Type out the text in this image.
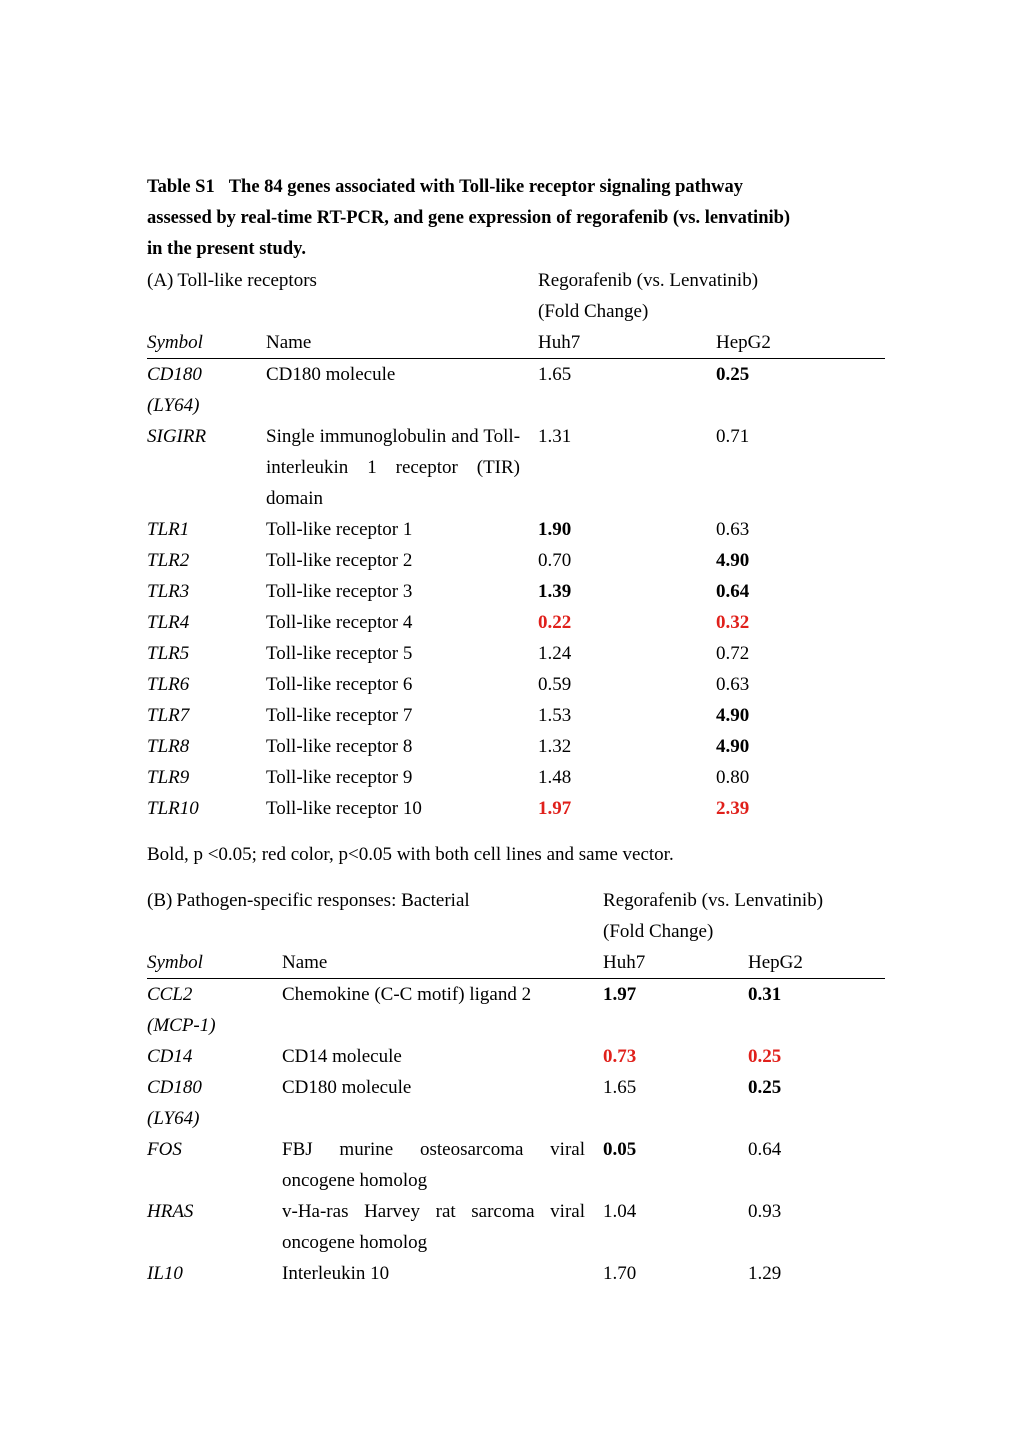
Table S1 The 84 genes associated with Toll-like receptor signaling pathway
assessed by real-time RT-PCR, and gene expression of regorafenib (vs. lenvatinib)
in the present study.
(A) Toll-like receptors		Regorafenib (vs. Lenvatinib)	
		(Fold Change)	
Symbol	Name	Huh7	HepG2

CD180
(LY64)	CD180 molecule	1.65	0.25

SIGIRR	Single immunoglobulin and Toll-interleukin 1 receptor (TIR) domain	1.31	0.71

TLR1	Toll-like receptor 1	1.90	0.63

TLR2	Toll-like receptor 2	0.70	4.90

TLR3	Toll-like receptor 3	1.39	0.64

TLR4	Toll-like receptor 4	0.22	0.32

TLR5	Toll-like receptor 5	1.24	0.72

TLR6	Toll-like receptor 6	0.59	0.63

TLR7	Toll-like receptor 7	1.53	4.90

TLR8	Toll-like receptor 8	1.32	4.90

TLR9	Toll-like receptor 9	1.48	0.80

TLR10	Toll-like receptor 10	1.97	2.39
Bold, p <0.05; red color, p<0.05 with both cell lines and same vector.
(B) Pathogen-specific responses: Bacterial		Regorafenib (vs. Lenvatinib)	
		(Fold Change)	
Symbol	Name	Huh7	HepG2

CCL2
(MCP-1)	Chemokine (C-C motif) ligand 2	1.97	0.31

CD14	CD14 molecule	0.73	0.25

CD180
(LY64)	CD180 molecule	1.65	0.25

FOS	FBJ murine osteosarcoma viral oncogene homolog	0.05	0.64

HRAS	v-Ha-ras Harvey rat sarcoma viral oncogene homolog	1.04	0.93

IL10	Interleukin 10	1.70	1.29
